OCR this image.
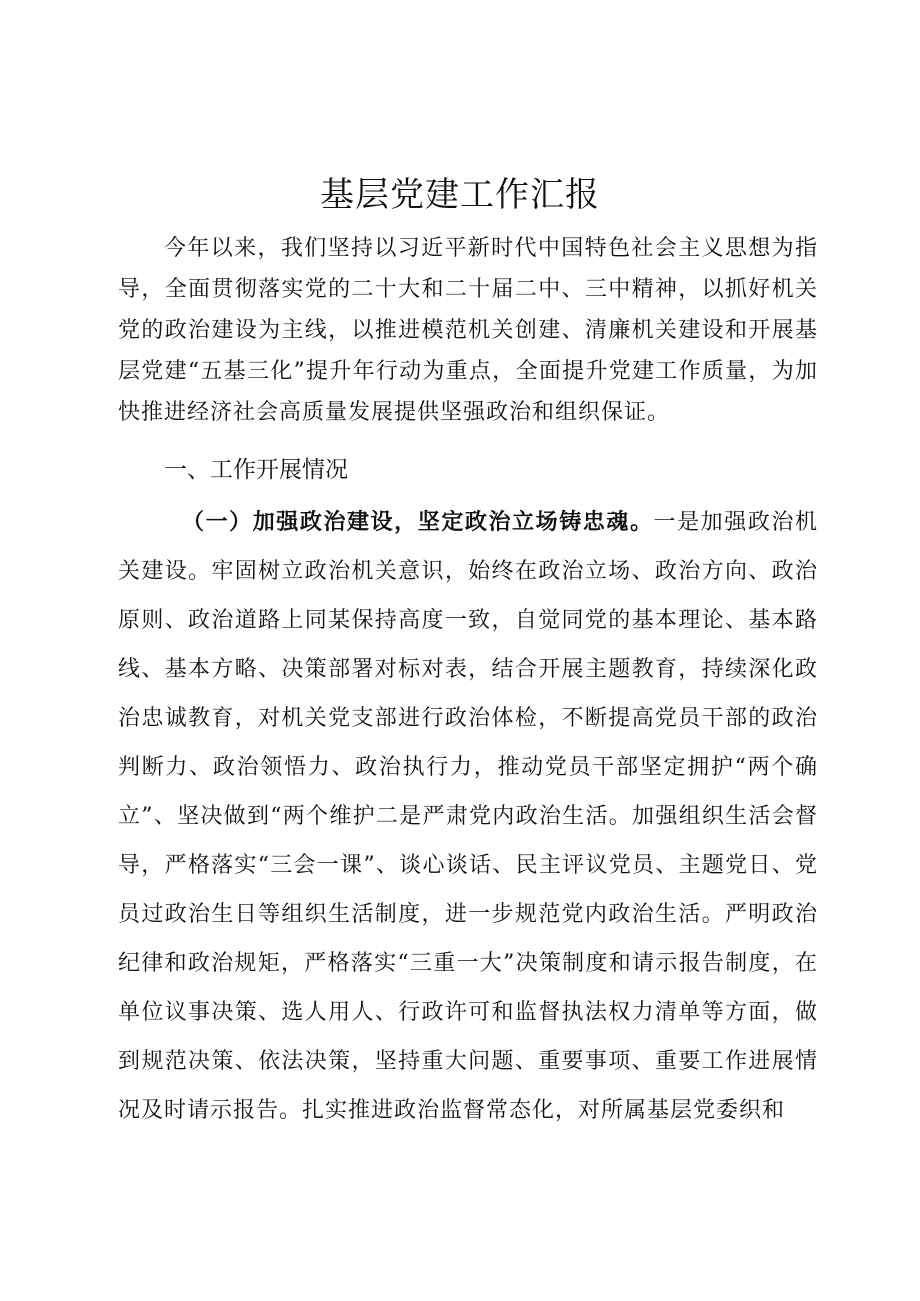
基层党建工作汇报

今年以来，我们坚持以习近平新时代中国特色社会主义思想为指导，全面贯彻落实党的二十大和二十届二中、三中精神，以抓好机关党的政治建设为主线，以推进模范机关创建、清廉机关建设和开展基层党建“五基三化”提升年行动为重点，全面提升党建工作质量，为加快推进经济社会高质量发展提供坚强政治和组织保证。

一、工作开展情况

（一）加强政治建设，坚定政治立场铸忠魂。一是加强政治机关建设。牢固树立政治机关意识，始终在政治立场、政治方向、政治原则、政治道路上同某保持高度一致，自觉同党的基本理论、基本路线、基本方略、决策部署对标对表，结合开展主题教育，持续深化政治忠诚教育，对机关党支部进行政治体检，不断提高党员干部的政治判断力、政治领悟力、政治执行力，推动党员干部坚定拥护“两个确立”、坚决做到“两个维护二是严肃党内政治生活。加强组织生活会督导，严格落实“三会一课”、谈心谈话、民主评议党员、主题党日、党员过政治生日等组织生活制度，进一步规范党内政治生活。严明政治纪律和政治规矩，严格落实“三重一大”决策制度和请示报告制度，在单位议事决策、选人用人、行政许可和监督执法权力清单等方面，做到规范决策、依法决策，坚持重大问题、重要事项、重要工作进展情况及时请示报告。扎实推进政治监督常态化，对所属基层党委织和
